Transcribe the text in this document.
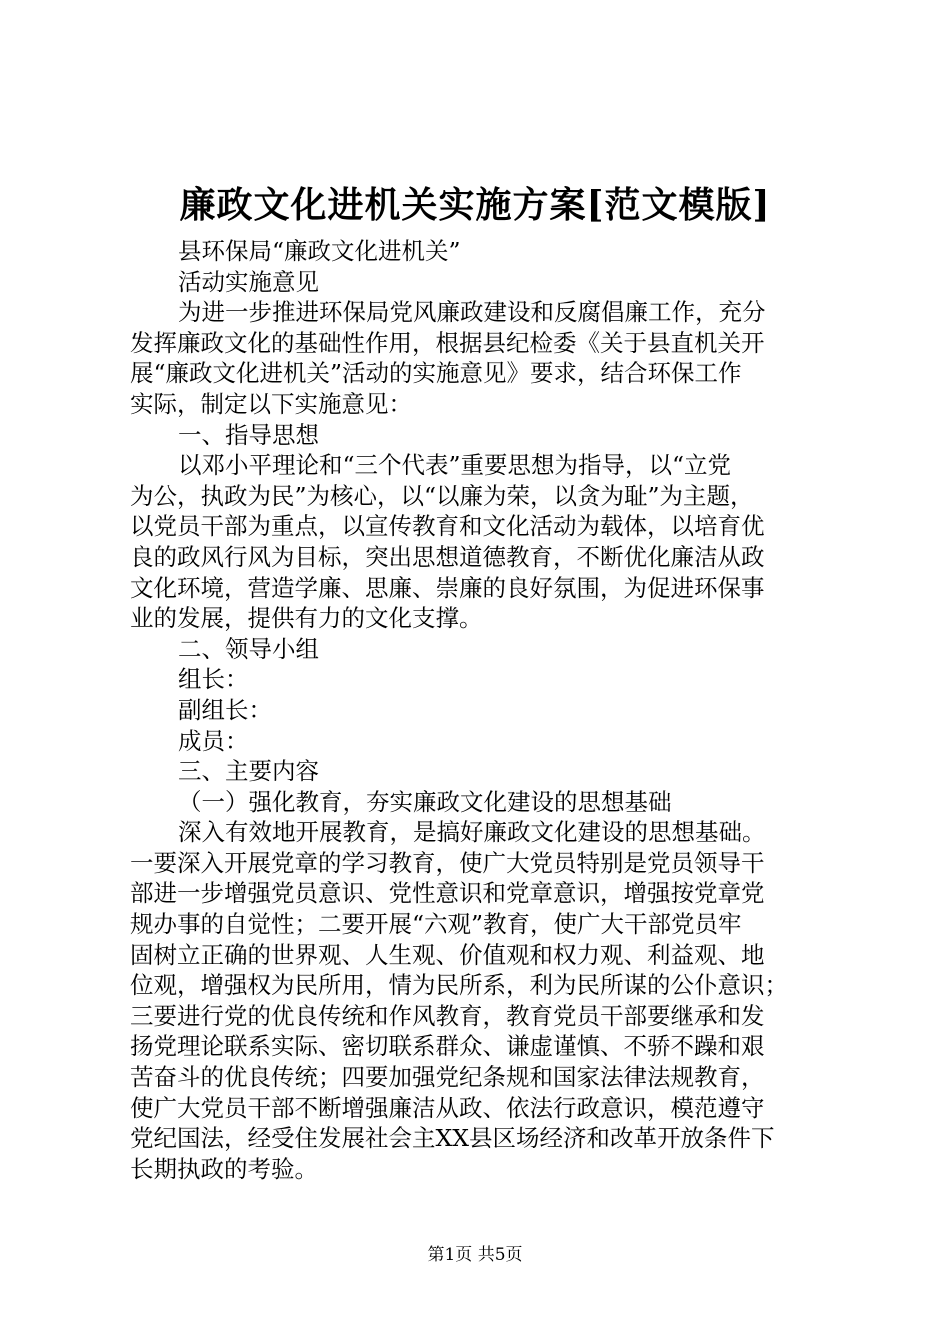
廉政文化进机关实施方案[范文模版]
县环保局“廉政文化进机关”
活动实施意见
为进一步推进环保局党风廉政建设和反腐倡廉工作，充分
发挥廉政文化的基础性作用，根据县纪检委《关于县直机关开
展“廉政文化进机关”活动的实施意见》要求，结合环保工作
实际，制定以下实施意见：
一、指导思想
以邓小平理论和“三个代表”重要思想为指导，以“立党
为公，执政为民”为核心，以“以廉为荣，以贪为耻”为主题，
以党员干部为重点，以宣传教育和文化活动为载体，以培育优
良的政风行风为目标，突出思想道德教育，不断优化廉洁从政
文化环境，营造学廉、思廉、崇廉的良好氛围，为促进环保事
业的发展，提供有力的文化支撑。
二、领导小组
组长：
副组长：
成员：
三、主要内容
（一）强化教育，夯实廉政文化建设的思想基础
深入有效地开展教育，是搞好廉政文化建设的思想基础。
一要深入开展党章的学习教育，使广大党员特别是党员领导干
部进一步增强党员意识、党性意识和党章意识，增强按党章党
规办事的自觉性；二要开展“六观”教育，使广大干部党员牢
固树立正确的世界观、人生观、价值观和权力观、利益观、地
位观，增强权为民所用，情为民所系，利为民所谋的公仆意识；
三要进行党的优良传统和作风教育，教育党员干部要继承和发
扬党理论联系实际、密切联系群众、谦虚谨慎、不骄不躁和艰
苦奋斗的优良传统；四要加强党纪条规和国家法律法规教育，
使广大党员干部不断增强廉洁从政、依法行政意识，模范遵守
党纪国法，经受住发展社会主XX县区场经济和改革开放条件下
长期执政的考验。
第1页 共5页
